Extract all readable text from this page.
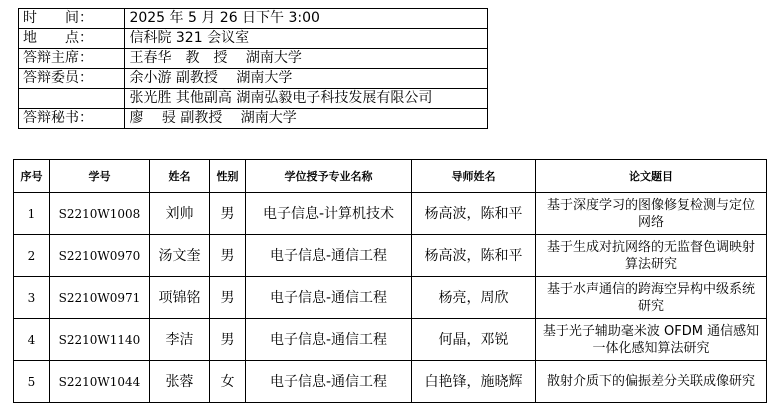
时　　间：	2025 年 5 月 26 日下午 3:00
地　　点：	信科院 321 会议室
答辩主席：	王春华　教　授　 湖南大学
答辩委员：	余小游 副教授　 湖南大学
	张光胜 其他副高 湖南弘毅电子科技发展有限公司
答辩秘书：	廖　 骎 副教授　 湖南大学
序号	学号	姓名	性别	学位授予专业名称	导师姓名	论文题目
1	S2210W1008	刘帅	男	电子信息-计算机技术	杨高波，陈和平	基于深度学习的图像修复检测与定位网络
2	S2210W0970	汤文奎	男	电子信息-通信工程	杨高波，陈和平	基于生成对抗网络的无监督色调映射算法研究
3	S2210W0971	项锦铭	男	电子信息-通信工程	杨亮，周欣	基于水声通信的跨海空异构中级系统研究
4	S2210W1140	李洁	男	电子信息-通信工程	何晶，邓锐	基于光子辅助毫米波 OFDM 通信感知一体化感知算法研究
5	S2210W1044	张蓉	女	电子信息-通信工程	白艳锋，施晓辉	散射介质下的偏振差分关联成像研究
